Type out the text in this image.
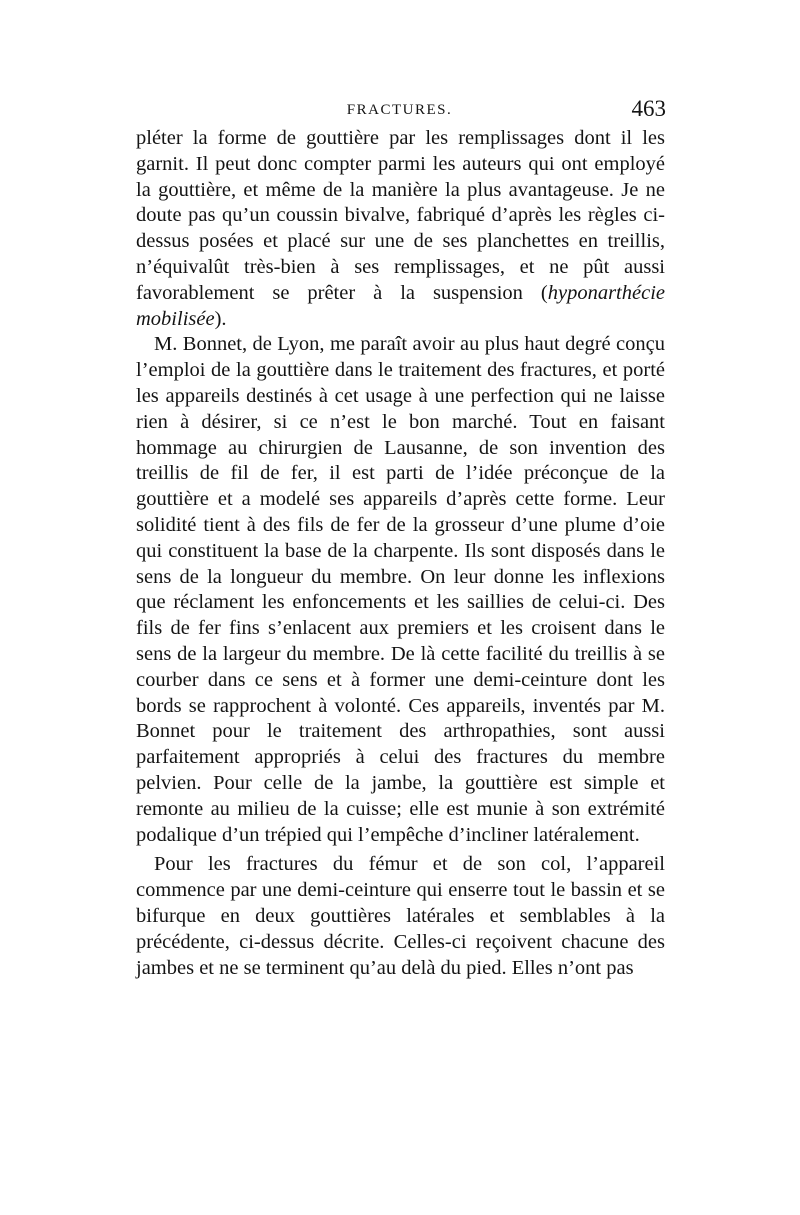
FRACTURES.	463

pléter la forme de gouttière par les remplissages dont il les garnit. Il peut donc compter parmi les auteurs qui ont employé la gouttière, et même de la manière la plus avantageuse. Je ne doute pas qu’un coussin bivalve, fabriqué d’après les règles ci-dessus posées et placé sur une de ses planchettes en treillis, n’équivalût très-bien à ses remplissages, et ne pût aussi favorablement se prêter à la suspension (hyponarthécie mobilisée).

M. Bonnet, de Lyon, me paraît avoir au plus haut degré conçu l’emploi de la gouttière dans le traitement des fractures, et porté les appareils destinés à cet usage à une perfection qui ne laisse rien à désirer, si ce n’est le bon marché. Tout en faisant hommage au chirurgien de Lausanne, de son invention des treillis de fil de fer, il est parti de l’idée préconçue de la gouttière et a modelé ses appareils d’après cette forme. Leur solidité tient à des fils de fer de la grosseur d’une plume d’oie qui constituent la base de la charpente. Ils sont disposés dans le sens de la longueur du membre. On leur donne les inflexions que réclament les enfoncements et les saillies de celui-ci. Des fils de fer fins s’enlacent aux premiers et les croisent dans le sens de la largeur du membre. De là cette facilité du treillis à se courber dans ce sens et à former une demi-ceinture dont les bords se rapprochent à volonté. Ces appareils, inventés par M. Bonnet pour le traitement des arthropathies, sont aussi parfaitement appropriés à celui des fractures du membre pelvien. Pour celle de la jambe, la gouttière est simple et remonte au milieu de la cuisse; elle est munie à son extrémité podalique d’un trépied qui l’empêche d’incliner latéralement.

Pour les fractures du fémur et de son col, l’appareil commence par une demi-ceinture qui enserre tout le bassin et se bifurque en deux gouttières latérales et semblables à la précédente, ci-dessus décrite. Celles-ci reçoivent chacune des jambes et ne se terminent qu’au delà du pied. Elles n’ont pas
